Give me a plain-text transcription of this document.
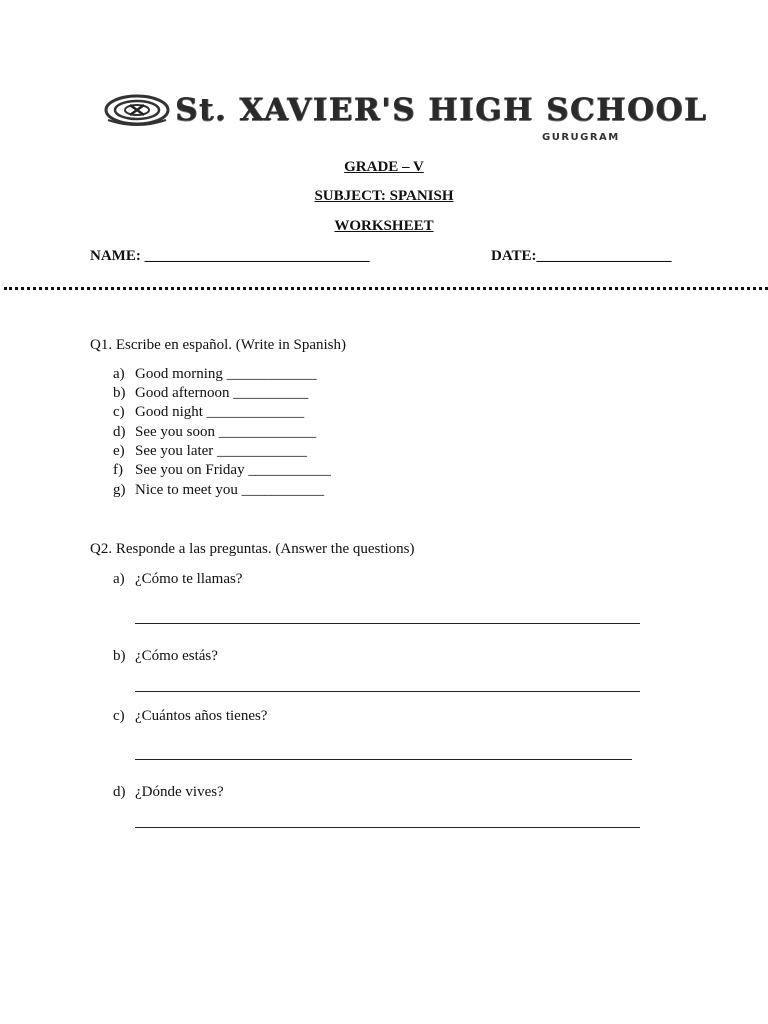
St. XAVIER'S HIGH SCHOOL
GURUGRAM
GRADE – V
SUBJECT: SPANISH
WORKSHEET
NAME: ______________________________	DATE:__________________
Q1. Escribe en español. (Write in Spanish)
a) Good morning ____________
b) Good afternoon __________
c) Good night _____________
d) See you soon _____________
e) See you later ____________
f) See you on Friday ___________
g) Nice to meet you ___________
Q2. Responde a las preguntas. (Answer the questions)
a) ¿Cómo te llamas?
b) ¿Cómo estás?
c) ¿Cuántos años tienes?
d) ¿Dónde vives?
